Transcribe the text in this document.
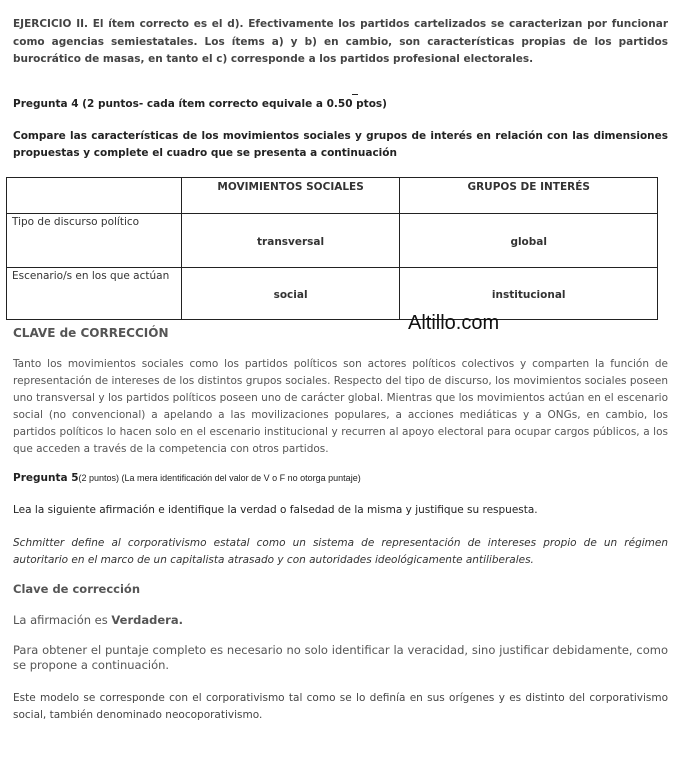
EJERCICIO II. El ítem correcto es el d). Efectivamente los partidos cartelizados se caracterizan por funcionar como agencias semiestatales. Los ítems a) y b) en cambio, son características propias de los partidos burocrático de masas, en tanto el c) corresponde a los partidos profesional electorales.

Pregunta 4 (2 puntos- cada ítem correcto equivale a 0.50 ptos)

Compare las características de los movimientos sociales y grupos de interés en relación con las dimensiones propuestas y complete el cuadro que se presenta a continuación

	MOVIMIENTOS SOCIALES	GRUPOS DE INTERÉS
Tipo de discurso político	transversal	global
Escenario/s en los que actúan	social	institucional

CLAVE de CORRECCIÓN	Altillo.com

Tanto los movimientos sociales como los partidos políticos son actores políticos colectivos y comparten la función de representación de intereses de los distintos grupos sociales. Respecto del tipo de discurso, los movimientos sociales poseen uno transversal y los partidos políticos poseen uno de carácter global. Mientras que los movimientos actúan en el escenario social (no convencional) a apelando a las movilizaciones populares, a acciones mediáticas y a ONGs, en cambio, los partidos políticos lo hacen solo en el escenario institucional y recurren al apoyo electoral para ocupar cargos públicos, a los que acceden a través de la competencia con otros partidos.

Pregunta 5(2 puntos) (La mera identificación del valor de V o F no otorga puntaje)

Lea la siguiente afirmación e identifique la verdad o falsedad de la misma y justifique su respuesta.

Schmitter define al corporativismo estatal como un sistema de representación de intereses propio de un régimen autoritario en el marco de un capitalista atrasado y con autoridades ideológicamente antiliberales.

Clave de corrección

La afirmación es Verdadera.

Para obtener el puntaje completo es necesario no solo identificar la veracidad, sino justificar debidamente, como se propone a continuación.

Este modelo se corresponde con el corporativismo tal como se lo definía en sus orígenes y es distinto del corporativismo social, también denominado neocoporativismo.
